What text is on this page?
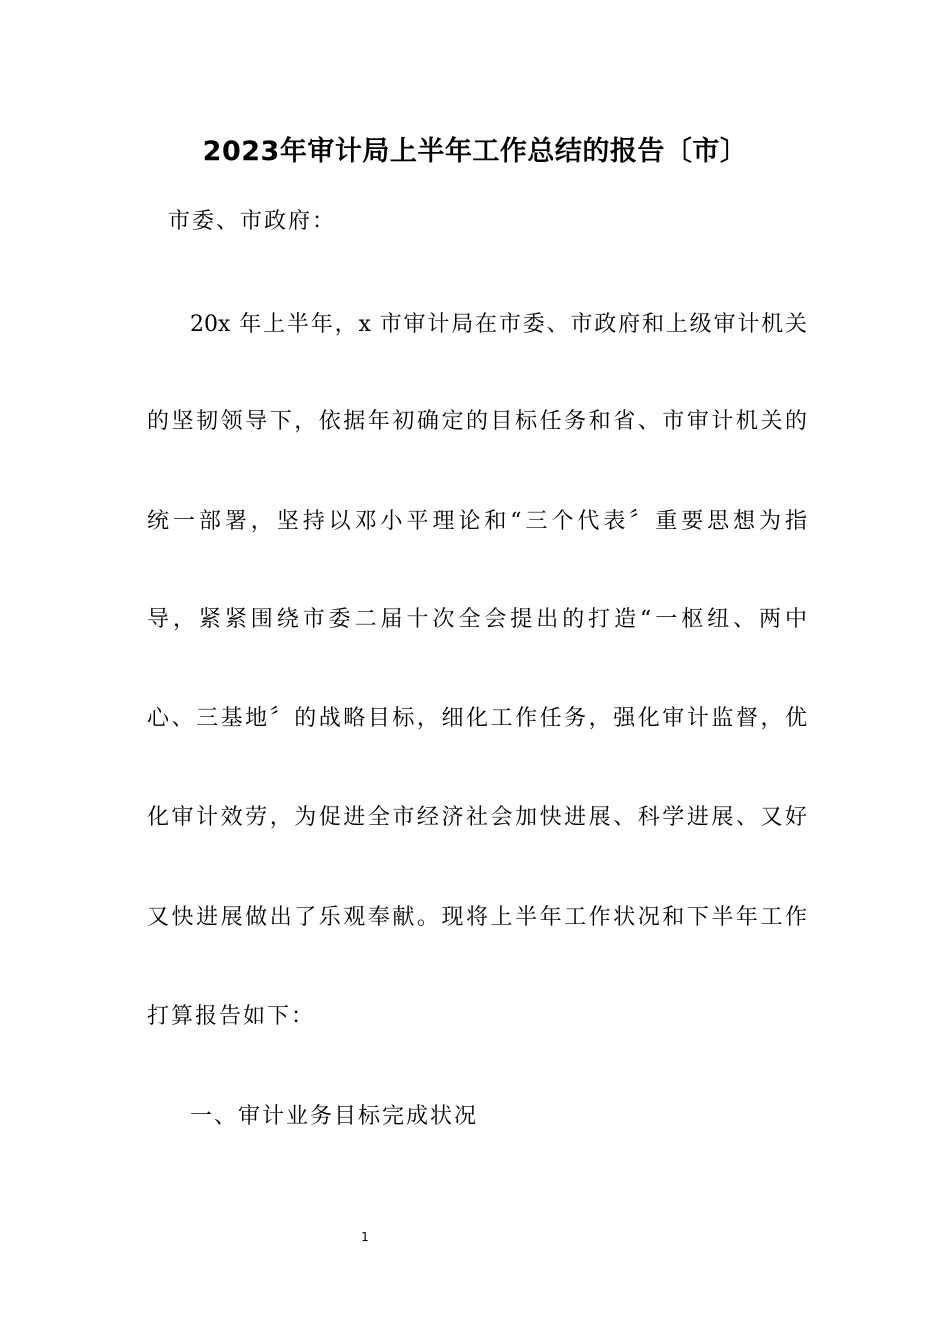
2023年审计局上半年工作总结的报告〔市〕
市委、市政府：
20x 年上半年，x 市审计局在市委、市政府和上级审计机关
的坚韧领导下，依据年初确定的目标任务和省、市审计机关的
统一部署，坚持以邓小平理论和“三个代表〞重要思想为指
导，紧紧围绕市委二届十次全会提出的打造“一枢纽、两中
心、三基地〞的战略目标，细化工作任务，强化审计监督，优
化审计效劳，为促进全市经济社会加快进展、科学进展、又好
又快进展做出了乐观奉献。现将上半年工作状况和下半年工作
打算报告如下：
一、审计业务目标完成状况
1
